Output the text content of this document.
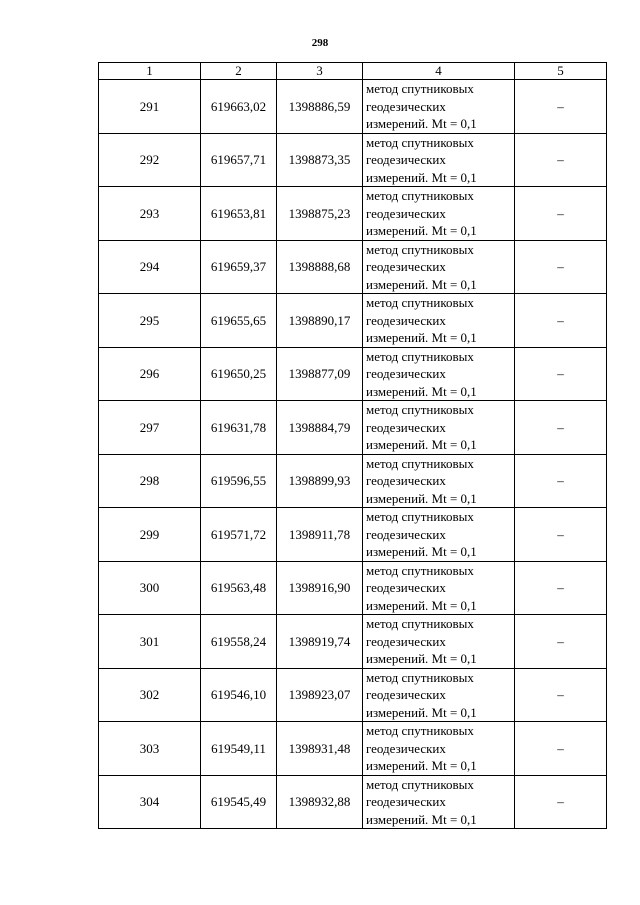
298
1	2	3	4	5
291	619663,02	1398886,59	метод спутниковых
геодезических
измерений. Mt = 0,1	–
292	619657,71	1398873,35	метод спутниковых
геодезических
измерений. Mt = 0,1	–
293	619653,81	1398875,23	метод спутниковых
геодезических
измерений. Mt = 0,1	–
294	619659,37	1398888,68	метод спутниковых
геодезических
измерений. Mt = 0,1	–
295	619655,65	1398890,17	метод спутниковых
геодезических
измерений. Mt = 0,1	–
296	619650,25	1398877,09	метод спутниковых
геодезических
измерений. Mt = 0,1	–
297	619631,78	1398884,79	метод спутниковых
геодезических
измерений. Mt = 0,1	–
298	619596,55	1398899,93	метод спутниковых
геодезических
измерений. Mt = 0,1	–
299	619571,72	1398911,78	метод спутниковых
геодезических
измерений. Mt = 0,1	–
300	619563,48	1398916,90	метод спутниковых
геодезических
измерений. Mt = 0,1	–
301	619558,24	1398919,74	метод спутниковых
геодезических
измерений. Mt = 0,1	–
302	619546,10	1398923,07	метод спутниковых
геодезических
измерений. Mt = 0,1	–
303	619549,11	1398931,48	метод спутниковых
геодезических
измерений. Mt = 0,1	–
304	619545,49	1398932,88	метод спутниковых
геодезических
измерений. Mt = 0,1	–
